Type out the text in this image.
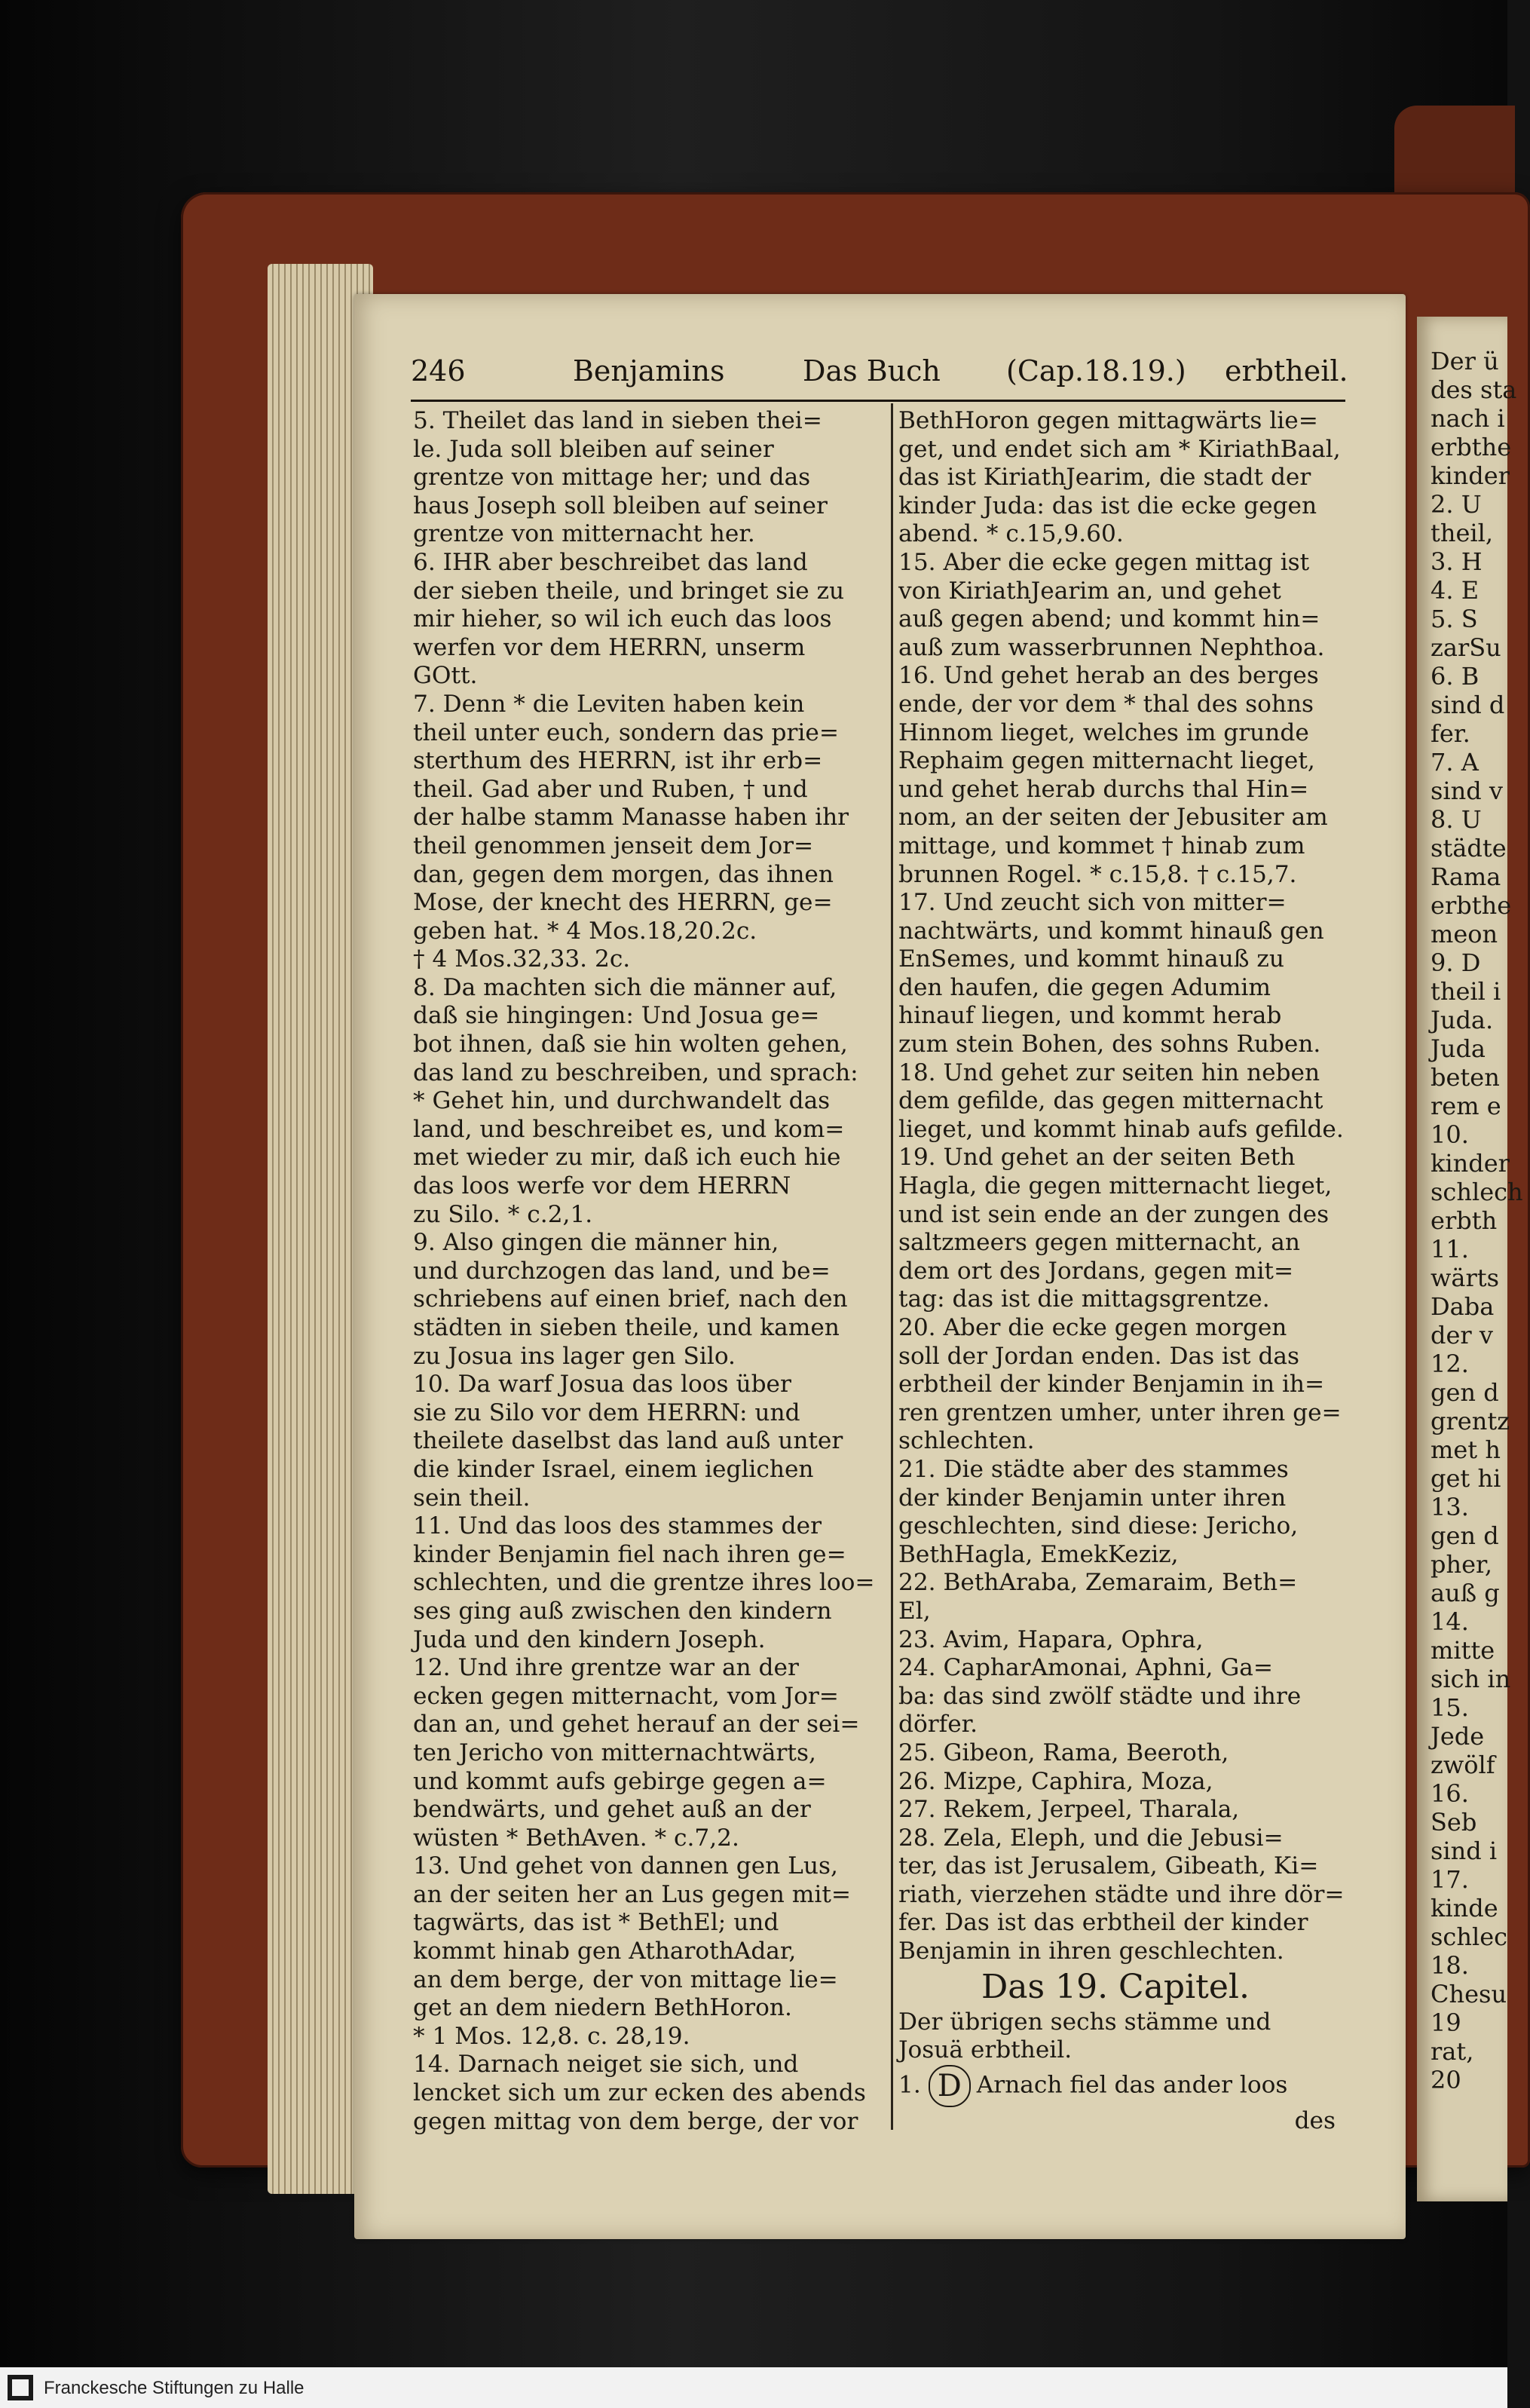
Der ü
des sta
nach i
erbthe
kinder
2. U
theil,
3. H
4. E
5. S
zarSu
6. B
sind d
fer.
7. A
sind v
8. U
städte
Rama
erbthe
meon
9. D
theil i
Juda.
Juda
beten
rem e
10.
kinder
schlech
erbth
11.
wärts
Daba
der v
12.
gen d
grentz
met h
get hi
13.
gen d
pher,
auß g
14.
mitte
sich in
15.
Jede
zwölf
16.
Seb
sind i
17.
kinde
schlec
18.
Chesu
19
rat,
20
246	Benjamins	Das Buch (Cap.18.19.) erbtheil.
5. Theilet das land in sieben thei=
le. Juda soll bleiben auf seiner
grentze von mittage her; und das
haus Joseph soll bleiben auf seiner
grentze von mitternacht her.
6. IHR aber beschreibet das land
der sieben theile, und bringet sie zu
mir hieher, so wil ich euch das loos
werfen vor dem HERRN, unserm
GOtt.
7. Denn * die Leviten haben kein
theil unter euch, sondern das prie=
sterthum des HERRN, ist ihr erb=
theil. Gad aber und Ruben, † und
der halbe stamm Manasse haben ihr
theil genommen jenseit dem Jor=
dan, gegen dem morgen, das ihnen
Mose, der knecht des HERRN, ge=
geben hat. * 4 Mos.18,20.2c.
† 4 Mos.32,33. 2c.
8. Da machten sich die männer auf,
daß sie hingingen: Und Josua ge=
bot ihnen, daß sie hin wolten gehen,
das land zu beschreiben, und sprach:
* Gehet hin, und durchwandelt das
land, und beschreibet es, und kom=
met wieder zu mir, daß ich euch hie
das loos werfe vor dem HERRN
zu Silo. * c.2,1.
9. Also gingen die männer hin,
und durchzogen das land, und be=
schriebens auf einen brief, nach den
städten in sieben theile, und kamen
zu Josua ins lager gen Silo.
10. Da warf Josua das loos über
sie zu Silo vor dem HERRN: und
theilete daselbst das land auß unter
die kinder Israel, einem ieglichen
sein theil.
11. Und das loos des stammes der
kinder Benjamin fiel nach ihren ge=
schlechten, und die grentze ihres loo=
ses ging auß zwischen den kindern
Juda und den kindern Joseph.
12. Und ihre grentze war an der
ecken gegen mitternacht, vom Jor=
dan an, und gehet herauf an der sei=
ten Jericho von mitternachtwärts,
und kommt aufs gebirge gegen a=
bendwärts, und gehet auß an der
wüsten * BethAven. * c.7,2.
13. Und gehet von dannen gen Lus,
an der seiten her an Lus gegen mit=
tagwärts, das ist * BethEl; und
kommt hinab gen AtharothAdar,
an dem berge, der von mittage lie=
get an dem niedern BethHoron.
* 1 Mos. 12,8. c. 28,19.
14. Darnach neiget sie sich, und
lencket sich um zur ecken des abends
gegen mittag von dem berge, der vor
BethHoron gegen mittagwärts lie=
get, und endet sich am * KiriathBaal,
das ist KiriathJearim, die stadt der
kinder Juda: das ist die ecke gegen
abend. * c.15,9.60.
15. Aber die ecke gegen mittag ist
von KiriathJearim an, und gehet
auß gegen abend; und kommt hin=
auß zum wasserbrunnen Nephthoa.
16. Und gehet herab an des berges
ende, der vor dem * thal des sohns
Hinnom lieget, welches im grunde
Rephaim gegen mitternacht lieget,
und gehet herab durchs thal Hin=
nom, an der seiten der Jebusiter am
mittage, und kommet † hinab zum
brunnen Rogel. * c.15,8. † c.15,7.
17. Und zeucht sich von mitter=
nachtwärts, und kommt hinauß gen
EnSemes, und kommt hinauß zu
den haufen, die gegen Adumim
hinauf liegen, und kommt herab
zum stein Bohen, des sohns Ruben.
18. Und gehet zur seiten hin neben
dem gefilde, das gegen mitternacht
lieget, und kommt hinab aufs gefilde.
19. Und gehet an der seiten Beth
Hagla, die gegen mitternacht lieget,
und ist sein ende an der zungen des
saltzmeers gegen mitternacht, an
dem ort des Jordans, gegen mit=
tag: das ist die mittagsgrentze.
20. Aber die ecke gegen morgen
soll der Jordan enden. Das ist das
erbtheil der kinder Benjamin in ih=
ren grentzen umher, unter ihren ge=
schlechten.
21. Die städte aber des stammes
der kinder Benjamin unter ihren
geschlechten, sind diese: Jericho,
BethHagla, EmekKeziz,
22. BethAraba, Zemaraim, Beth=
El,
23. Avim, Hapara, Ophra,
24. CapharAmonai, Aphni, Ga=
ba: das sind zwölf städte und ihre
dörfer.
25. Gibeon, Rama, Beeroth,
26. Mizpe, Caphira, Moza,
27. Rekem, Jerpeel, Tharala,
28. Zela, Eleph, und die Jebusi=
ter, das ist Jerusalem, Gibeath, Ki=
riath, vierzehen städte und ihre dör=
fer. Das ist das erbtheil der kinder
Benjamin in ihren geschlechten.
Das 19. Capitel.
Der übrigen sechs stämme und
Josuä erbtheil.
1. D Arnach fiel das ander loos
des
Franckesche Stiftungen zu Halle
